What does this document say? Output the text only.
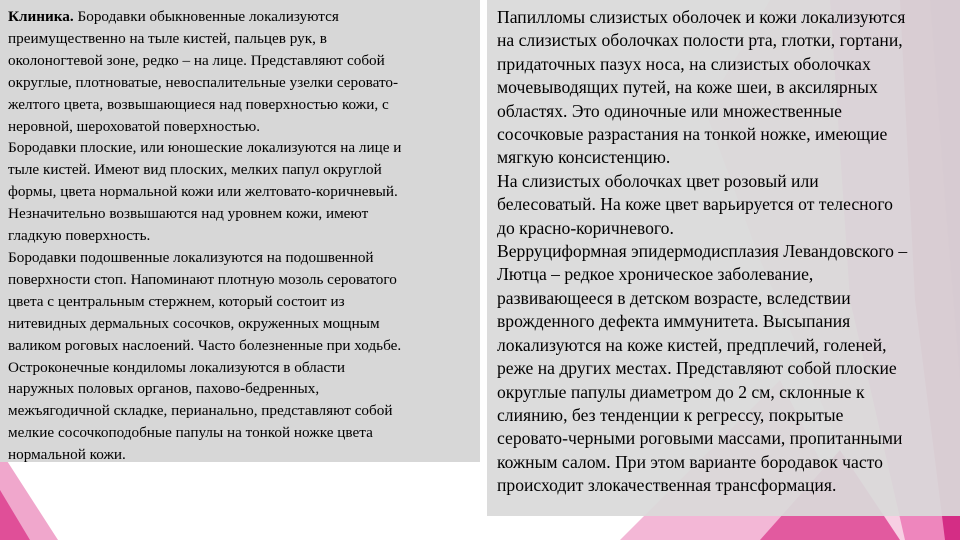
Клиника. Бородавки обыкновенные локализуются
преимущественно на тыле кистей, пальцев рук, в
околоногтевой зоне, редко – на лице. Представляют собой
округлые, плотноватые, невоспалительные узелки серовато-
желтого цвета, возвышающиеся над поверхностью кожи, с
неровной, шероховатой поверхностью.
Бородавки плоские, или юношеские локализуются на лице и
тыле кистей. Имеют вид плоских, мелких папул округлой
формы, цвета нормальной кожи или желтовато-коричневый.
Незначительно возвышаются над уровнем кожи, имеют
гладкую поверхность.
Бородавки подошвенные локализуются на подошвенной
поверхности стоп. Напоминают плотную мозоль сероватого
цвета с центральным стержнем, который состоит из
нитевидных дермальных сосочков, окруженных мощным
валиком роговых наслоений. Часто болезненные при ходьбе.
Остроконечные кондиломы локализуются в области
наружных половых органов, пахово-бедренных,
межъягодичной складке, перианально, представляют собой
мелкие сосочкоподобные папулы на тонкой ножке цвета
нормальной кожи.
Папилломы слизистых оболочек и кожи локализуются
на слизистых оболочках полости рта, глотки, гортани,
придаточных пазух носа, на слизистых оболочках
мочевыводящих путей, на коже шеи, в аксилярных
областях. Это одиночные или множественные
сосочковые разрастания на тонкой ножке, имеющие
мягкую консистенцию.
На слизистых оболочках цвет розовый или
белесоватый. На коже цвет варьируется от телесного
до красно-коричневого.
Верруциформная эпидермодисплазия Левандовского –
Лютца – редкое хроническое заболевание,
развивающееся в детском возрасте, вследствии
врожденного дефекта иммунитета. Высыпания
локализуются на коже кистей, предплечий, голеней,
реже на других местах. Представляют собой плоские
округлые папулы диаметром до 2 см, склонные к
слиянию, без тенденции к регрессу, покрытые
серовато-черными роговыми массами, пропитанными
кожным салом. При этом варианте бородавок часто
происходит злокачественная трансформация.
